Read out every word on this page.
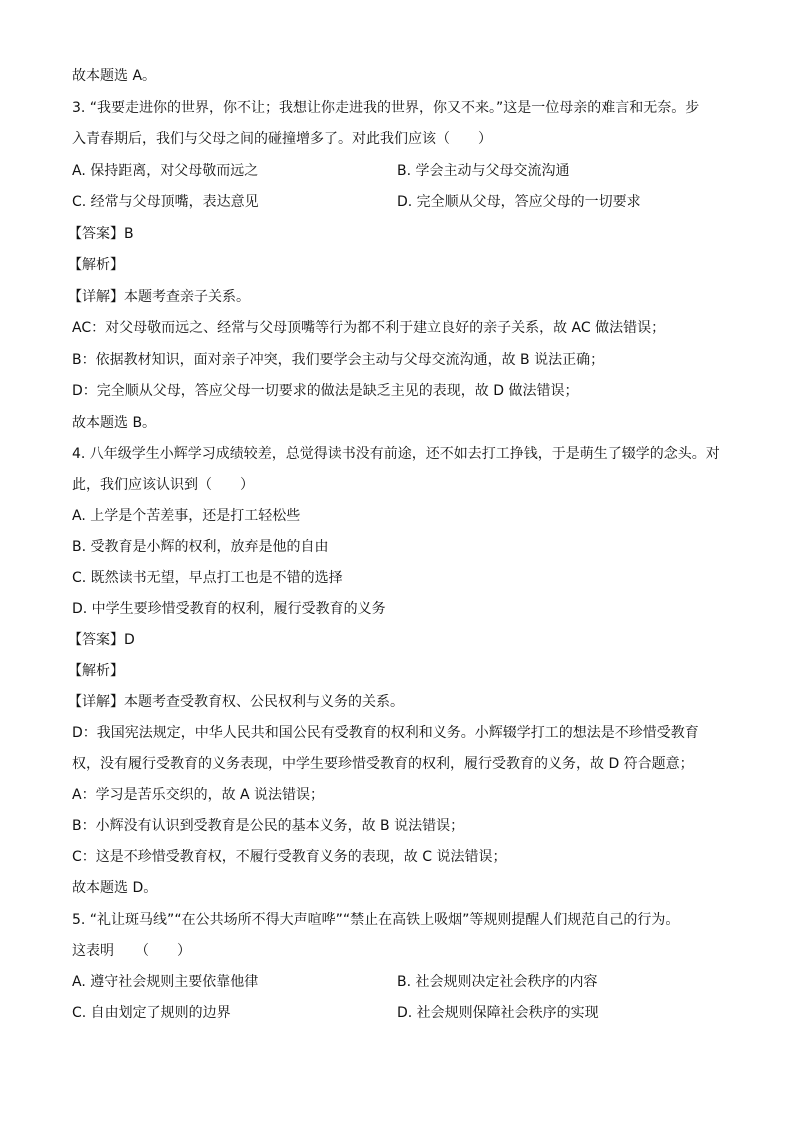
故本题选 A。
3. “我要走进你的世界，你不让；我想让你走进我的世界，你又不来。”这是一位母亲的难言和无奈。步
入青春期后，我们与父母之间的碰撞增多了。对此我们应该（　　）
A. 保持距离，对父母敬而远之	B. 学会主动与父母交流沟通
C. 经常与父母顶嘴，表达意见	D. 完全顺从父母，答应父母的一切要求
【答案】B
【解析】
【详解】本题考查亲子关系。
AC：对父母敬而远之、经常与父母顶嘴等行为都不利于建立良好的亲子关系，故 AC 做法错误；
B：依据教材知识，面对亲子冲突，我们要学会主动与父母交流沟通，故 B 说法正确；
D：完全顺从父母，答应父母一切要求的做法是缺乏主见的表现，故 D 做法错误；
故本题选 B。
4. 八年级学生小辉学习成绩较差，总觉得读书没有前途，还不如去打工挣钱，于是萌生了辍学的念头。对
此，我们应该认识到（　　）
A. 上学是个苦差事，还是打工轻松些
B. 受教育是小辉的权利，放弃是他的自由
C. 既然读书无望，早点打工也是不错的选择
D. 中学生要珍惜受教育的权利，履行受教育的义务
【答案】D
【解析】
【详解】本题考查受教育权、公民权利与义务的关系。
D：我国宪法规定，中华人民共和国公民有受教育的权利和义务。小辉辍学打工的想法是不珍惜受教育
权，没有履行受教育的义务表现，中学生要珍惜受教育的权利，履行受教育的义务，故 D 符合题意；
A：学习是苦乐交织的，故 A 说法错误；
B：小辉没有认识到受教育是公民的基本义务，故 B 说法错误；
C：这是不珍惜受教育权，不履行受教育义务的表现，故 C 说法错误；
故本题选 D。
5. “礼让斑马线”“在公共场所不得大声喧哗”“禁止在高铁上吸烟”等规则提醒人们规范自己的行为。
这表明　　（　　）
A. 遵守社会规则主要依靠他律	B. 社会规则决定社会秩序的内容
C. 自由划定了规则的边界	D. 社会规则保障社会秩序的实现
